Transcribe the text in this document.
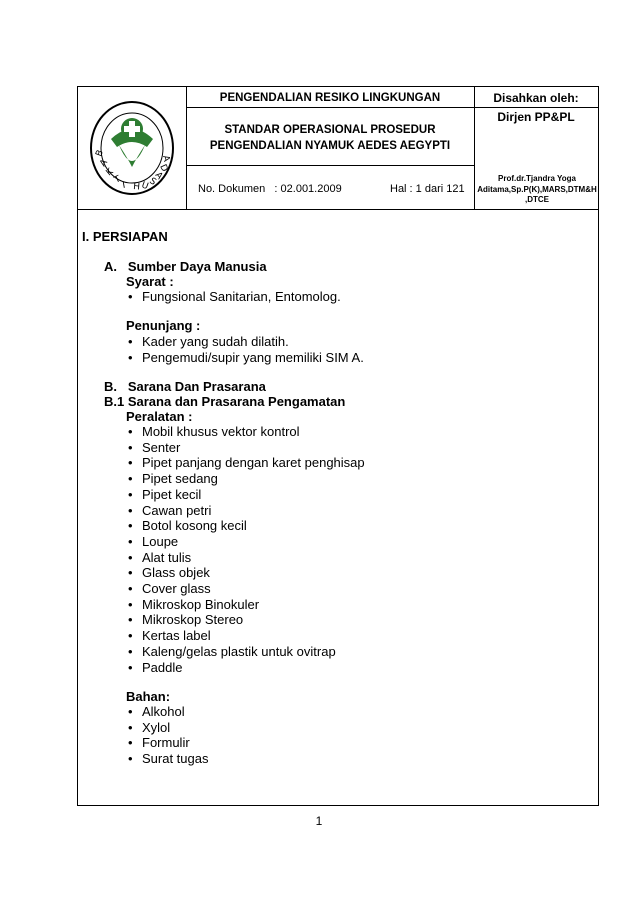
B
A
K
T
I H U
S
A
D
A
PENGENDALIAN RESIKO LINGKUNGAN	Disahkan oleh:
Dirjen PP&PL
STANDAR OPERASIONAL PROSEDUR
PENGENDALIAN NYAMUK AEDES AEGYPTI
No. Dokumen   : 02.001.2009	Hal : 1 dari 121
Prof.dr.Tjandra Yoga
Aditama,Sp.P(K),MARS,DTM&H
,DTCE
I. PERSIAPAN
A.   Sumber Daya Manusia
Syarat :
• Fungsional Sanitarian, Entomolog.
Penunjang :
• Kader yang sudah dilatih.
• Pengemudi/supir yang memiliki SIM A.
B.   Sarana Dan Prasarana
B.1 Sarana dan Prasarana Pengamatan
Peralatan :
• Mobil khusus vektor kontrol
• Senter
• Pipet panjang dengan karet penghisap
• Pipet sedang
• Pipet kecil
• Cawan petri
• Botol kosong kecil
• Loupe
• Alat tulis
• Glass objek
• Cover glass
• Mikroskop Binokuler
• Mikroskop Stereo
• Kertas label
• Kaleng/gelas plastik untuk ovitrap
• Paddle
Bahan:
• Alkohol
• Xylol
• Formulir
• Surat tugas
1
